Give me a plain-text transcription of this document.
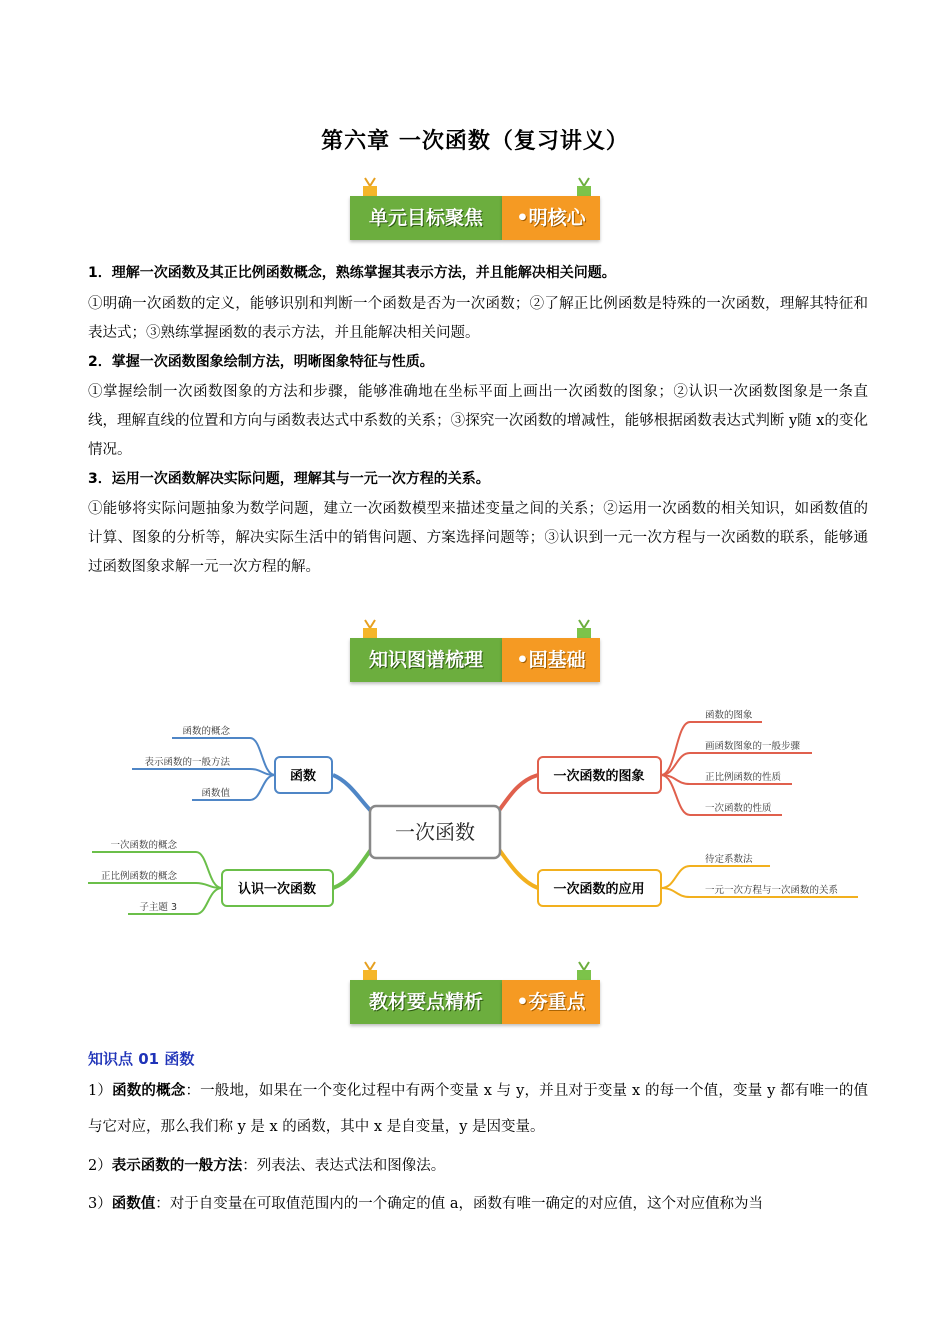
第六章 一次函数（复习讲义）
单元目标聚焦	•明核心
1．理解一次函数及其正比例函数概念，熟练掌握其表示方法，并且能解决相关问题。
①明确一次函数的定义，能够识别和判断一个函数是否为一次函数；②了解正比例函数是特殊的一次函数，理解其特征和表达式；③熟练掌握函数的表示方法，并且能解决相关问题。
2．掌握一次函数图象绘制方法，明晰图象特征与性质。
①掌握绘制一次函数图象的方法和步骤，能够准确地在坐标平面上画出一次函数的图象；②认识一次函数图象是一条直线，理解直线的位置和方向与函数表达式中系数的关系；③探究一次函数的增减性，能够根据函数表达式判断 y随 x的变化情况。
3．运用一次函数解决实际问题，理解其与一元一次方程的关系。
①能够将实际问题抽象为数学问题，建立一次函数模型来描述变量之间的关系；②运用一次函数的相关知识，如函数值的计算、图象的分析等，解决实际生活中的销售问题、方案选择问题等；③认识到一元一次方程与一次函数的联系，能够通过函数图象求解一元一次方程的解。
知识图谱梳理	•固基础
一次函数
函数
函数的概念
表示函数的一般方法
函数值
认识一次函数
一次函数的概念
正比例函数的概念
子主题 3
一次函数的图象
函数的图象
画函数图象的一般步骤
正比例函数的性质
一次函数的性质
一次函数的应用
待定系数法
一元一次方程与一次函数的关系
教材要点精析	•夯重点
知识点 01 函数
1）函数的概念：一般地，如果在一个变化过程中有两个变量 x 与 y，并且对于变量 x 的每一个值，变量 y 都有唯一的值与它对应，那么我们称 y 是 x 的函数，其中 x 是自变量，y 是因变量。
2）表示函数的一般方法：列表法、表达式法和图像法。
3）函数值：对于自变量在可取值范围内的一个确定的值 a，函数有唯一确定的对应值，这个对应值称为当
